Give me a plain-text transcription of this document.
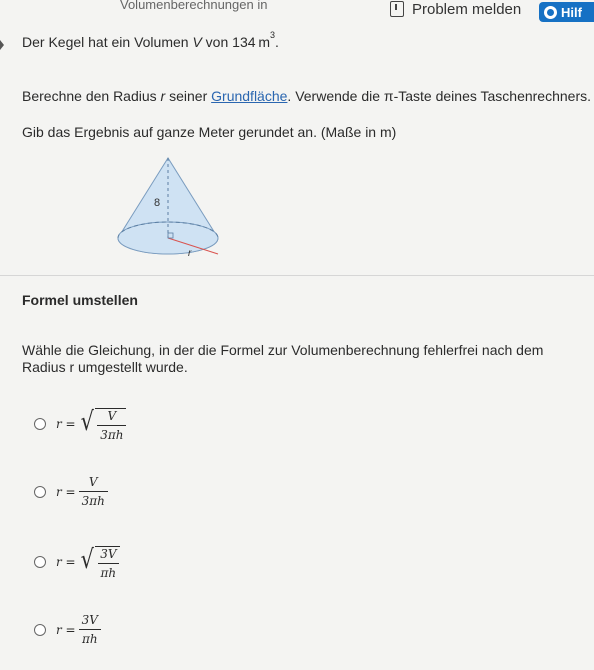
Volumenberechnungen in	Problem melden	Hilf
Der Kegel hat ein Volumen V von 134  $m^3$.
Berechne den Radius r seiner Grundfläche. Verwende die π-Taste deines Taschenrechners.
Gib das Ergebnis auf ganze Meter gerundet an. (Maße in m)
8
r
Formel umstellen
Wähle die Gleichung, in der die Formel zur Volumenberechnung fehlerfrei nach dem Radius r umgestellt wurde.
r = √ $\frac{V}{3\pi h}$
$r = \frac{V}{3\pi h}$
r = √ $\frac{3V}{\pi h}$
$r = \frac{3V}{\pi h}$
